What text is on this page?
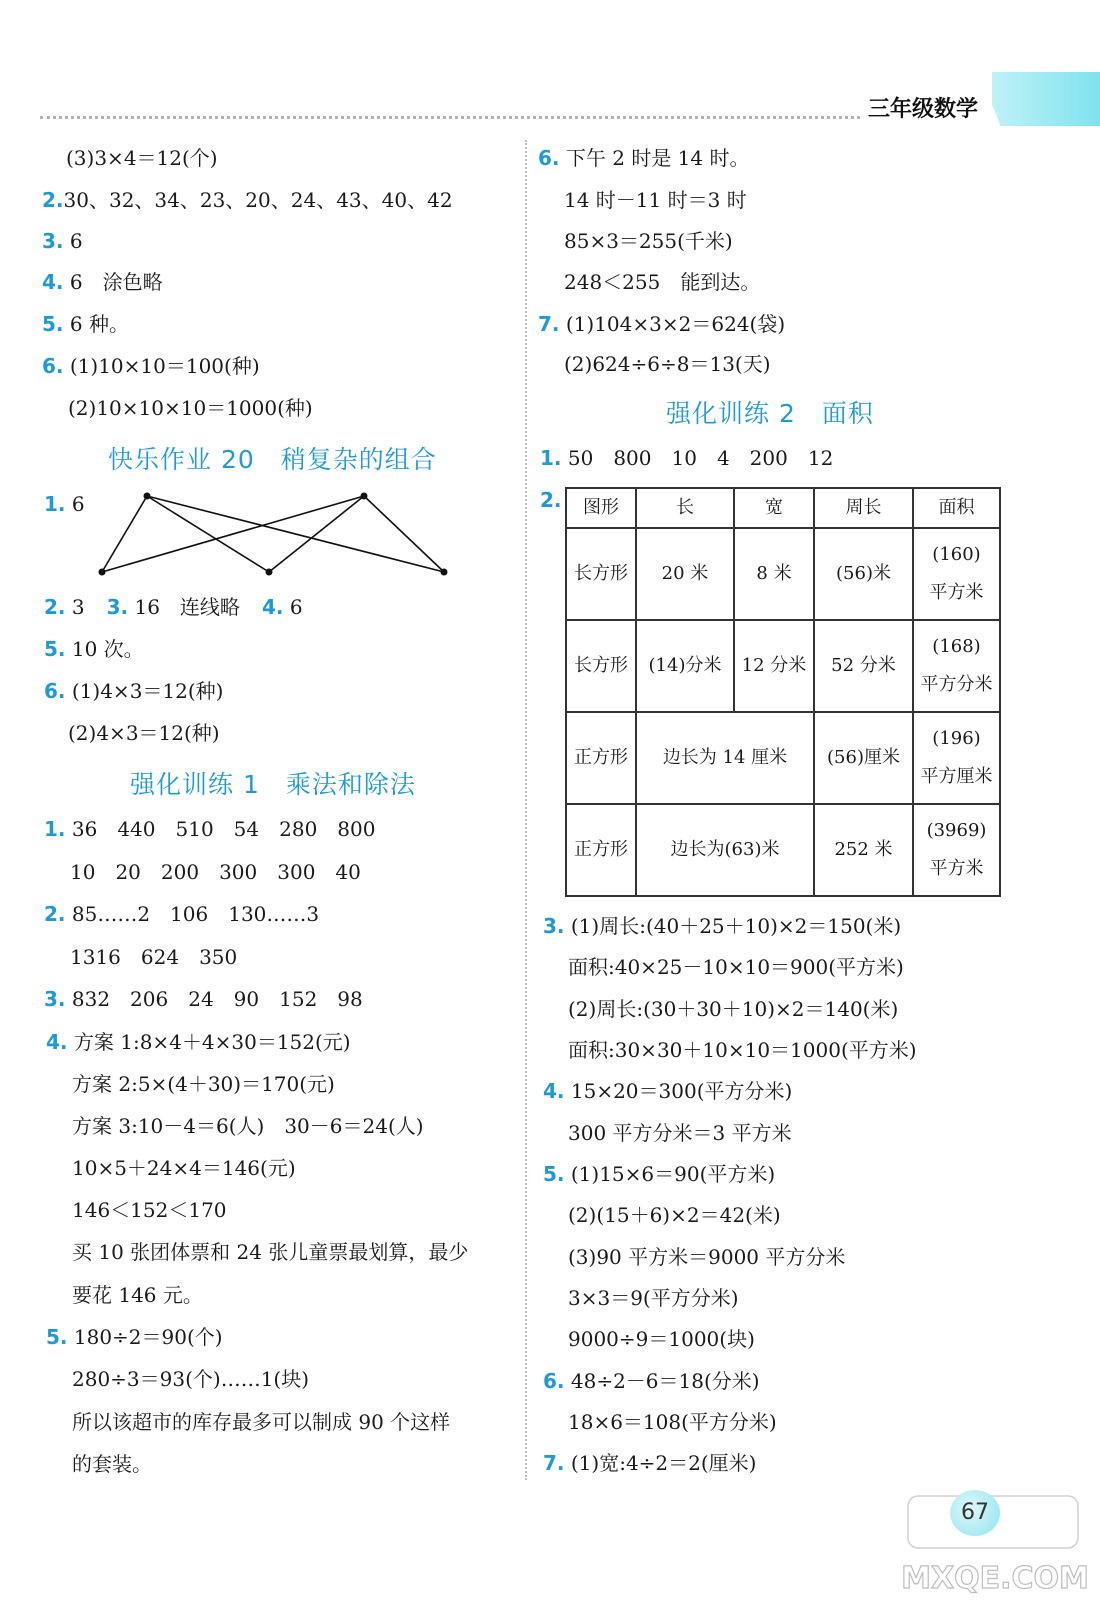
三年级数学
(3)3×4＝12(个)
2.30、32、34、23、20、24、43、40、42
3. 6
4. 6　涂色略
5. 6 种。
6. (1)10×10＝100(种)
(2)10×10×10＝1000(种)
快乐作业 20 稍复杂的组合
1. 6
2. 3 3. 16　连线略 4. 6
5. 10 次。
6. (1)4×3＝12(种)
(2)4×3＝12(种)
强化训练 1 乘法和除法
1. 36　440　510　54　280　800
10　20　200　300　300　40
2. 85……2　106　130……3
1316　624　350
3. 832　206　24　90　152　98
4. 方案 1:8×4＋4×30＝152(元)
方案 2:5×(4＋30)＝170(元)
方案 3:10－4＝6(人)　30－6＝24(人)
10×5＋24×4＝146(元)
146＜152＜170
买 10 张团体票和 24 张儿童票最划算，最少
要花 146 元。
5. 180÷2＝90(个)
280÷3＝93(个)……1(块)
所以该超市的库存最多可以制成 90 个这样
的套装。
6. 下午 2 时是 14 时。
14 时－11 时＝3 时
85×3＝255(千米)
248＜255　能到达。
7. (1)104×3×2＝624(袋)
(2)624÷6÷8＝13(天)
强化训练 2 面积
1. 50　800　10　4　200　12
2. 图形	长	宽	周长	面积
长方形	20 米	8 米	(56)米	(160)
平方米

长方形	(14)分米	12 分米	52 分米	(168)
平方分米

正方形	边长为 14 厘米		(56)厘米	(196)
平方厘米

正方形	边长为(63)米		252 米	(3969)
平方米
3. (1)周长:(40＋25＋10)×2＝150(米)
面积:40×25－10×10＝900(平方米)
(2)周长:(30＋30＋10)×2＝140(米)
面积:30×30＋10×10＝1000(平方米)
4. 15×20＝300(平方分米)
300 平方分米＝3 平方米
5. (1)15×6＝90(平方米)
(2)(15＋6)×2＝42(米)
(3)90 平方米＝9000 平方分米
3×3＝9(平方分米)
9000÷9＝1000(块)
6. 48÷2－6＝18(分米)
18×6＝108(平方分米)
7. (1)宽:4÷2＝2(厘米)
MXQE.COM
67
